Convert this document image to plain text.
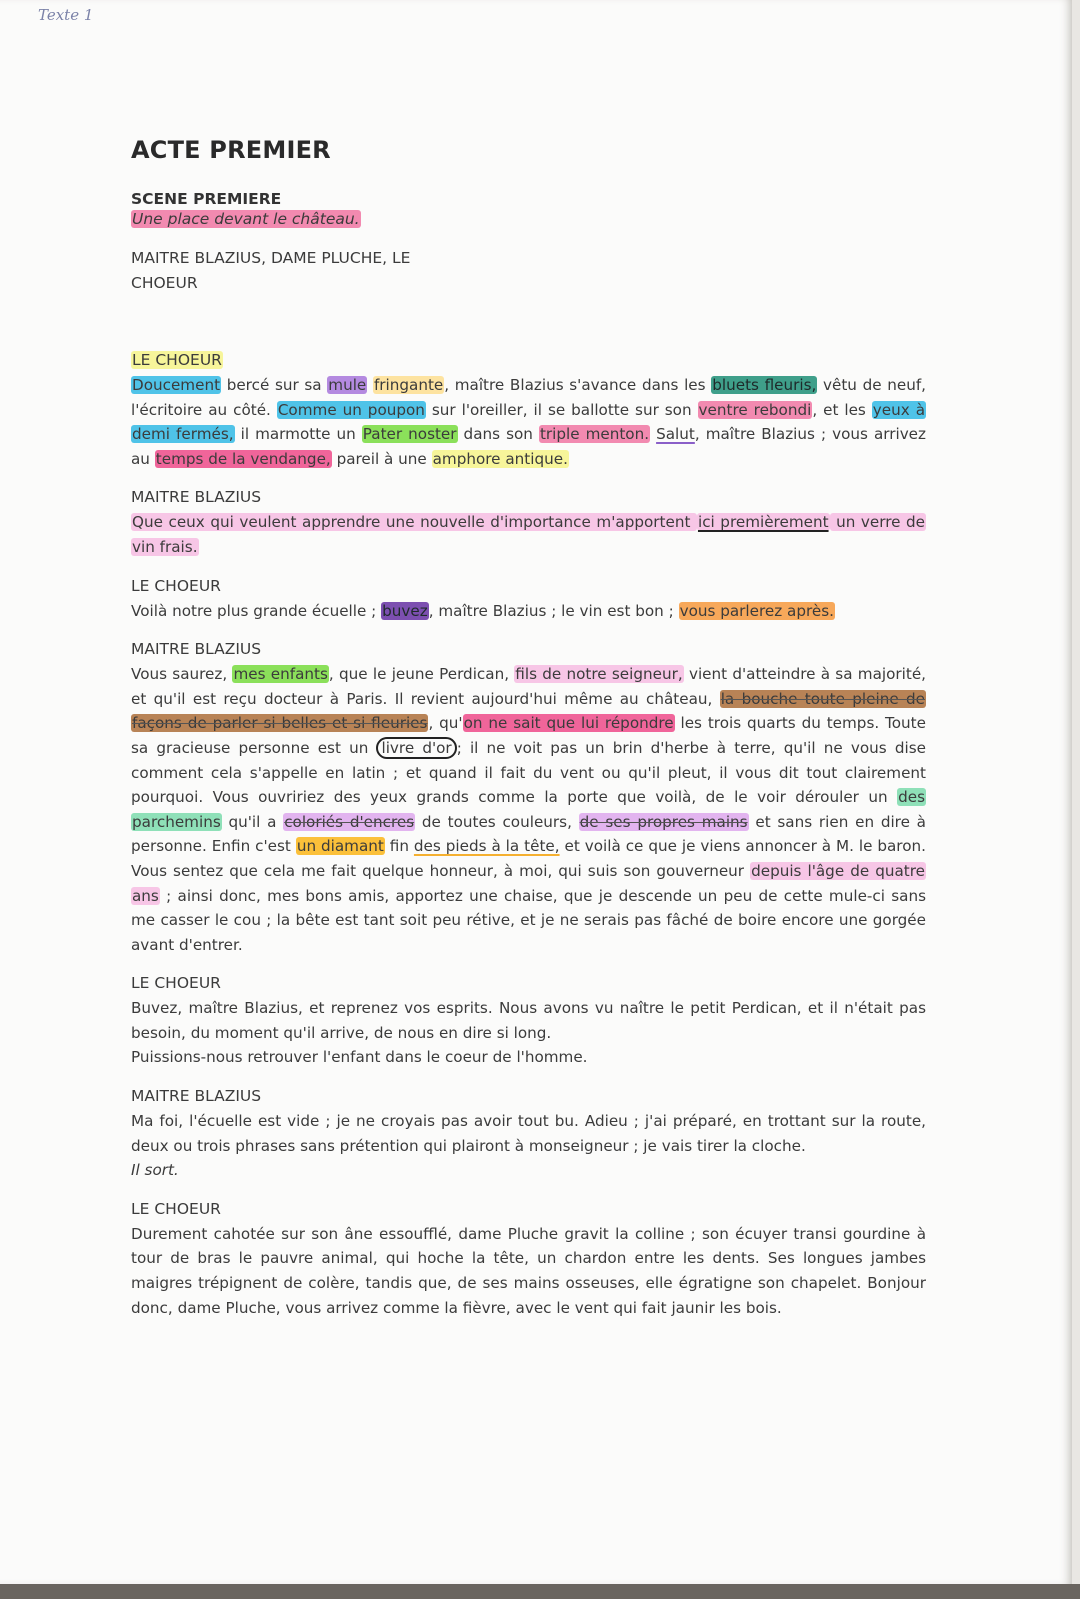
Texte 1
ACTE PREMIER

SCENE PREMIERE

Une place devant le château.

MAITRE BLAZIUS, DAME PLUCHE, LE CHOEUR

LE CHOEUR

Doucement bercé sur sa mule fringante, maître Blazius s'avance dans les bluets fleuris, vêtu de neuf, l'écritoire au côté. Comme un poupon sur l'oreiller, il se ballotte sur son ventre rebondi, et les yeux à demi fermés, il marmotte un Pater noster dans son triple menton. Salut, maître Blazius ; vous arrivez au temps de la vendange, pareil à une amphore antique.

MAITRE BLAZIUS

Que ceux qui veulent apprendre une nouvelle d'importance m'apportent ici premièrement un verre de vin frais.

LE CHOEUR

Voilà notre plus grande écuelle ; buvez, maître Blazius ; le vin est bon ; vous parlerez après.

MAITRE BLAZIUS

Vous saurez, mes enfants, que le jeune Perdican, fils de notre seigneur, vient d'atteindre à sa majorité, et qu'il est reçu docteur à Paris. Il revient aujourd'hui même au château, la bouche toute pleine de façons de parler si belles et si fleuries, qu'on ne sait que lui répondre les trois quarts du temps. Toute sa gracieuse personne est un livre d'or ; il ne voit pas un brin d'herbe à terre, qu'il ne vous dise comment cela s'appelle en latin ; et quand il fait du vent ou qu'il pleut, il vous dit tout clairement pourquoi. Vous ouvririez des yeux grands comme la porte que voilà, de le voir dérouler un des parchemins qu'il a coloriés d'encres de toutes couleurs, de ses propres mains et sans rien en dire à personne. Enfin c'est un diamant fin des pieds à la tête, et voilà ce que je viens annoncer à M. le baron. Vous sentez que cela me fait quelque honneur, à moi, qui suis son gouverneur depuis l'âge de quatre ans ; ainsi donc, mes bons amis, apportez une chaise, que je descende un peu de cette mule-ci sans me casser le cou ; la bête est tant soit peu rétive, et je ne serais pas fâché de boire encore une gorgée avant d'entrer.

LE CHOEUR

Buvez, maître Blazius, et reprenez vos esprits. Nous avons vu naître le petit Perdican, et il n'était pas besoin, du moment qu'il arrive, de nous en dire si long.

Puissions-nous retrouver l'enfant dans le coeur de l'homme.

MAITRE BLAZIUS

Ma foi, l'écuelle est vide ; je ne croyais pas avoir tout bu. Adieu ; j'ai préparé, en trottant sur la route, deux ou trois phrases sans prétention qui plairont à monseigneur ; je vais tirer la cloche.

Il sort.

LE CHOEUR

Durement cahotée sur son âne essoufflé, dame Pluche gravit la colline ; son écuyer transi gourdine à tour de bras le pauvre animal, qui hoche la tête, un chardon entre les dents. Ses longues jambes maigres trépignent de colère, tandis que, de ses mains osseuses, elle égratigne son chapelet. Bonjour donc, dame Pluche, vous arrivez comme la fièvre, avec le vent qui fait jaunir les bois.
